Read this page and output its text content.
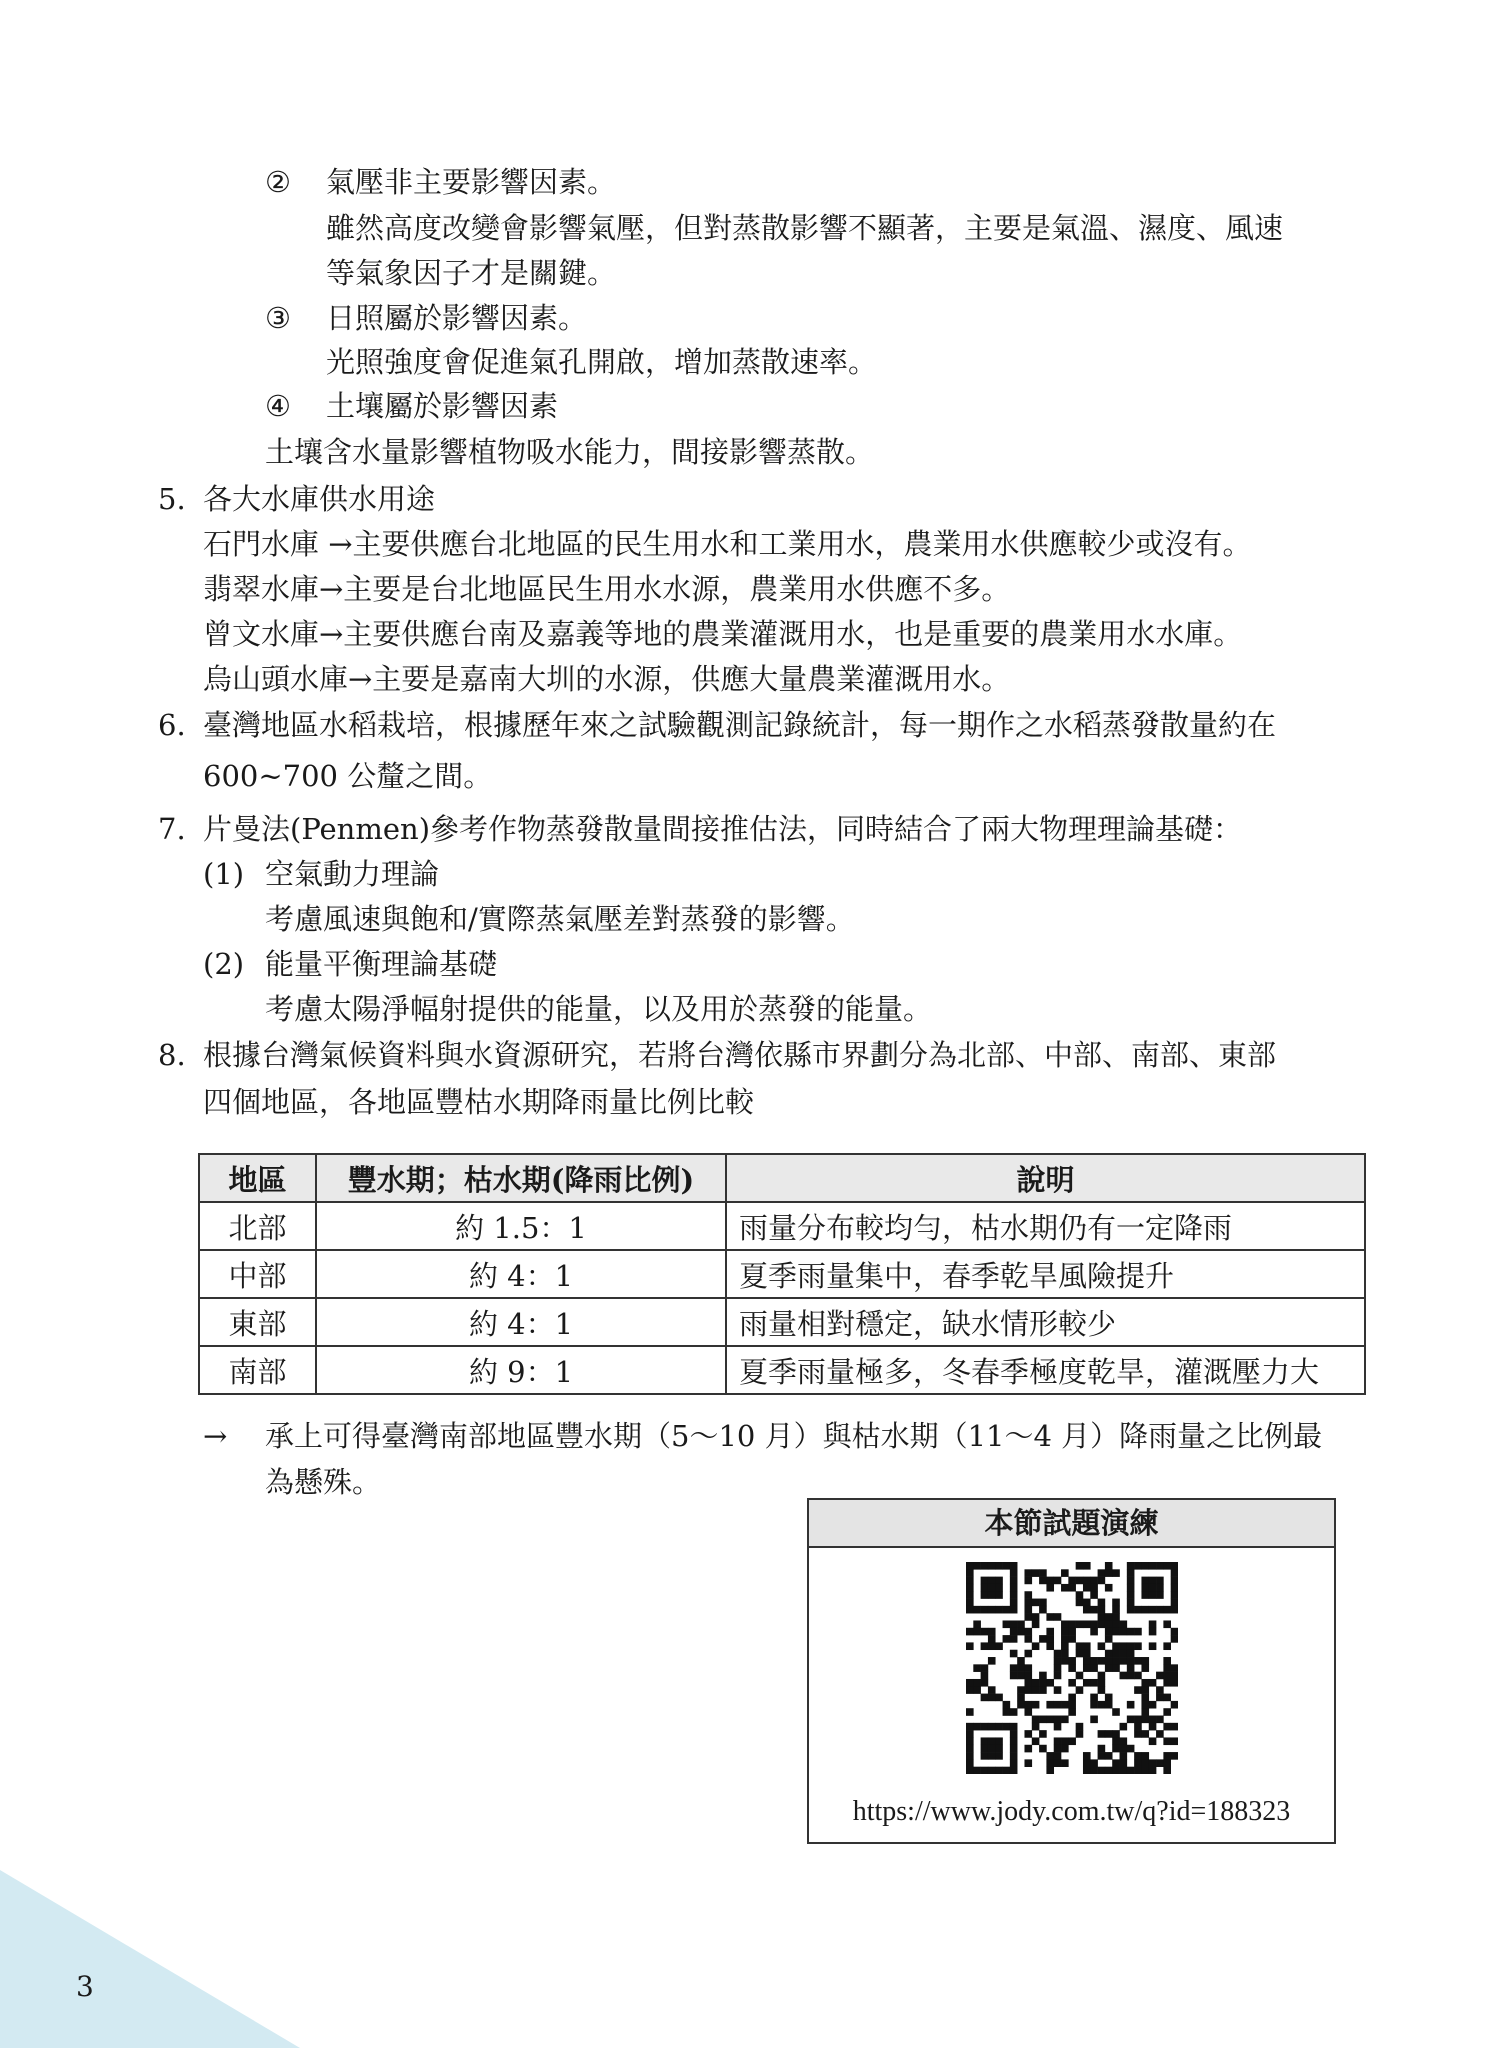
② 氣壓非主要影響因素。
雖然高度改變會影響氣壓，但對蒸散影響不顯著，主要是氣溫、濕度、風速
等氣象因子才是關鍵。
③ 日照屬於影響因素。
光照強度會促進氣孔開啟，增加蒸散速率。
④ 土壤屬於影響因素
土壤含水量影響植物吸水能力，間接影響蒸散。
5. 各大水庫供水用途
石門水庫 →主要供應台北地區的民生用水和工業用水，農業用水供應較少或沒有。
翡翠水庫→主要是台北地區民生用水水源，農業用水供應不多。
曾文水庫→主要供應台南及嘉義等地的農業灌溉用水，也是重要的農業用水水庫。
烏山頭水庫→主要是嘉南大圳的水源，供應大量農業灌溉用水。
6. 臺灣地區水稻栽培，根據歷年來之試驗觀測記錄統計，每一期作之水稻蒸發散量約在
600~700 公釐之間。
7. 片曼法(Penmen)參考作物蒸發散量間接推估法，同時結合了兩大物理理論基礎：
(1) 空氣動力理論
考慮風速與飽和/實際蒸氣壓差對蒸發的影響。
(2) 能量平衡理論基礎
考慮太陽淨幅射提供的能量，以及用於蒸發的能量。
8. 根據台灣氣候資料與水資源研究，若將台灣依縣市界劃分為北部、中部、南部、東部
四個地區，各地區豐枯水期降雨量比例比較
地區	豐水期；枯水期(降雨比例)	說明
北部	約 1.5：1	雨量分布較均勻，枯水期仍有一定降雨
中部	約 4：1	夏季雨量集中，春季乾旱風險提升
東部	約 4：1	雨量相對穩定，缺水情形較少
南部	約 9：1	夏季雨量極多，冬春季極度乾旱，灌溉壓力大
→ 承上可得臺灣南部地區豐水期（5～10 月）與枯水期（11～4 月）降雨量之比例最
為懸殊。
本節試題演練
https://www.jody.com.tw/q?id=188323
3
